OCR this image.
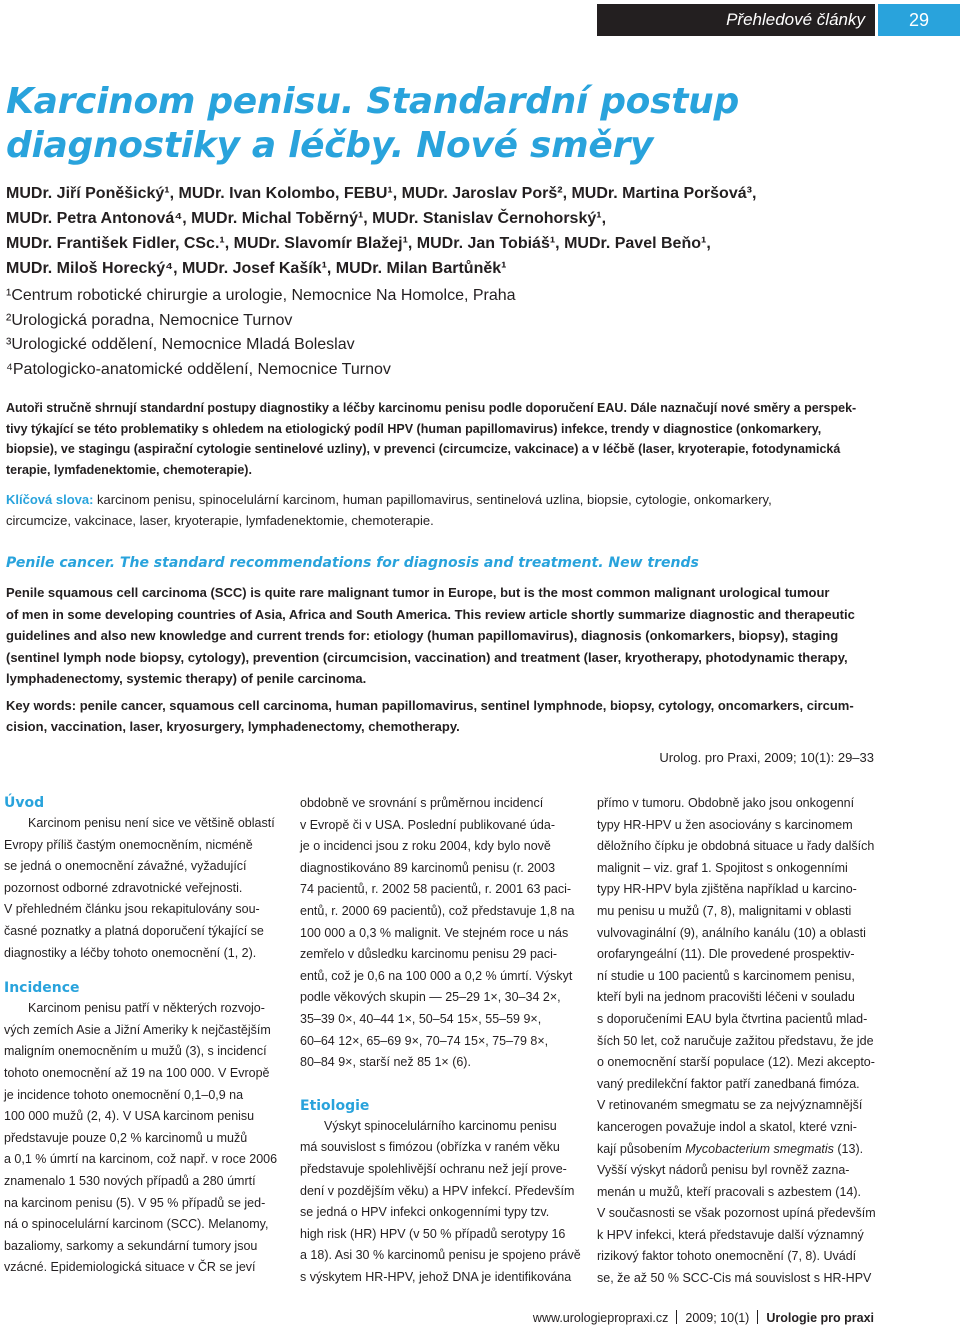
Přehledové články 29
Karcinom penisu. Standardní postup
diagnostiky a léčby. Nové směry
MUDr. Jiří Poněšický¹, MUDr. Ivan Kolombo, FEBU¹, MUDr. Jaroslav Porš², MUDr. Martina Poršová³,
MUDr. Petra Antonová⁴, MUDr. Michal Toběrný¹, MUDr. Stanislav Černohorský¹,
MUDr. František Fidler, CSc.¹, MUDr. Slavomír Blažej¹, MUDr. Jan Tobiáš¹, MUDr. Pavel Beňo¹,
MUDr. Miloš Horecký⁴, MUDr. Josef Kašík¹, MUDr. Milan Bartůněk¹
¹Centrum robotické chirurgie a urologie, Nemocnice Na Homolce, Praha
²Urologická poradna, Nemocnice Turnov
³Urologické oddělení, Nemocnice Mladá Boleslav
⁴Patologicko-anatomické oddělení, Nemocnice Turnov
Autoři stručně shrnují standardní postupy diagnostiky a léčby karcinomu penisu podle doporučení EAU. Dále naznačují nové směry a perspek-
tivy týkající se této problematiky s ohledem na etiologický podíl HPV (human papillomavirus) infekce, trendy v diagnostice (onkomarkery,
biopsie), ve stagingu (aspirační cytologie sentinelové uzliny), v prevenci (circumcize, vakcinace) a v léčbě (laser, kryoterapie, fotodynamická
terapie, lymfadenektomie, chemoterapie).
Klíčová slova: karcinom penisu, spinocelulární karcinom, human papillomavirus, sentinelová uzlina, biopsie, cytologie, onkomarkery,
circumcize, vakcinace, laser, kryoterapie, lymfadenektomie, chemoterapie.
Penile cancer. The standard recommendations for diagnosis and treatment. New trends
Penile squamous cell carcinoma (SCC) is quite rare malignant tumor in Europe, but is the most common malignant urological tumour
of men in some developing countries of Asia, Africa and South America. This review article shortly summarize diagnostic and therapeutic
guidelines and also new knowledge and current trends for: etiology (human papillomavirus), diagnosis (onkomarkers, biopsy), staging
(sentinel lymph node biopsy, cytology), prevention (circumcision, vaccination) and treatment (laser, kryotherapy, photodynamic therapy,
lymphadenectomy, systemic therapy) of penile carcinoma.
Key words: penile cancer, squamous cell carcinoma, human papillomavirus, sentinel lymphnode, biopsy, cytology, oncomarkers, circum-
cision, vaccination, laser, kryosurgery, lymphadenectomy, chemotherapy.
Urolog. pro Praxi, 2009; 10(1): 29–33
Úvod
Karcinom penisu není sice ve většině oblastí
Evropy příliš častým onemocněním, nicméně
se jedná o onemocnění závažné, vyžadující
pozornost odborné zdravotnické veřejnosti.
V přehledném článku jsou rekapitulovány sou-
časné poznatky a platná doporučení týkající se
diagnostiky a léčby tohoto onemocnění (1, 2).
Incidence
Karcinom penisu patří v některých rozvojo-
vých zemích Asie a Jižní Ameriky k nejčastějším
maligním onemocněním u mužů (3), s incidencí
tohoto onemocnění až 19 na 100 000. V Evropě
je incidence tohoto onemocnění 0,1–0,9 na
100 000 mužů (2, 4). V USA karcinom penisu
představuje pouze 0,2 % karcinomů u mužů
a 0,1 % úmrtí na karcinom, což např. v roce 2006
znamenalo 1 530 nových případů a 280 úmrtí
na karcinom penisu (5). V 95 % případů se jed-
ná o spinocelulární karcinom (SCC). Melanomy,
bazaliomy, sarkomy a sekundární tumory jsou
vzácné. Epidemiologická situace v ČR se jeví
obdobně ve srovnání s průměrnou incidencí
v Evropě či v USA. Poslední publikované úda-
je o incidenci jsou z roku 2004, kdy bylo nově
diagnostikováno 89 karcinomů penisu (r. 2003
74 pacientů, r. 2002 58 pacientů, r. 2001 63 paci-
entů, r. 2000 69 pacientů), což představuje 1,8 na
100 000 a 0,3 % malignit. Ve stejném roce u nás
zemřelo v důsledku karcinomu penisu 29 paci-
entů, což je 0,6 na 100 000 a 0,2 % úmrtí. Výskyt
podle věkových skupin — 25–29 1×, 30–34 2×,
35–39 0×, 40–44 1×, 50–54 15×, 55–59 9×,
60–64 12×, 65–69 9×, 70–74 15×, 75–79 8×,
80–84 9×, starší než 85 1× (6).
Etiologie
Výskyt spinocelulárního karcinomu penisu
má souvislost s fimózou (obřízka v raném věku
představuje spolehlivější ochranu než její prove-
dení v pozdějším věku) a HPV infekcí. Především
se jedná o HPV infekci onkogenními typy tzv.
high risk (HR) HPV (v 50 % případů serotypy 16
a 18). Asi 30 % karcinomů penisu je spojeno právě
s výskytem HR-HPV, jehož DNA je identifikována
přímo v tumoru. Obdobně jako jsou onkogenní
typy HR-HPV u žen asociovány s karcinomem
děložního čípku je obdobná situace u řady dalších
malignit – viz. graf 1. Spojitost s onkogenními
typy HR-HPV byla zjištěna například u karcino-
mu penisu u mužů (7, 8), malignitami v oblasti
vulvovaginální (9), análního kanálu (10) a oblasti
orofaryngeální (11). Dle provedené prospektiv-
ní studie u 100 pacientů s karcinomem penisu,
kteří byli na jednom pracovišti léčeni v souladu
s doporučeními EAU byla čtvrtina pacientů mlad-
ších 50 let, což naručuje zažitou představu, že jde
o onemocnění starší populace (12). Mezi akcepto-
vaný predilekční faktor patří zanedbaná fimóza.
V retinovaném smegmatu se za nejvýznamnější
kancerogen považuje indol a skatol, které vzni-
kají působením Mycobacterium smegmatis (13).
Vyšší výskyt nádorů penisu byl rovněž zazna-
menán u mužů, kteří pracovali s azbestem (14).
V současnosti se však pozornost upíná především
k HPV infekci, která představuje další významný
rizikový faktor tohoto onemocnění (7, 8). Uvádí
se, že až 50 % SCC-Cis má souvislost s HR-HPV
www.urologiepropraxi.cz 2009; 10(1) Urologie pro praxi
